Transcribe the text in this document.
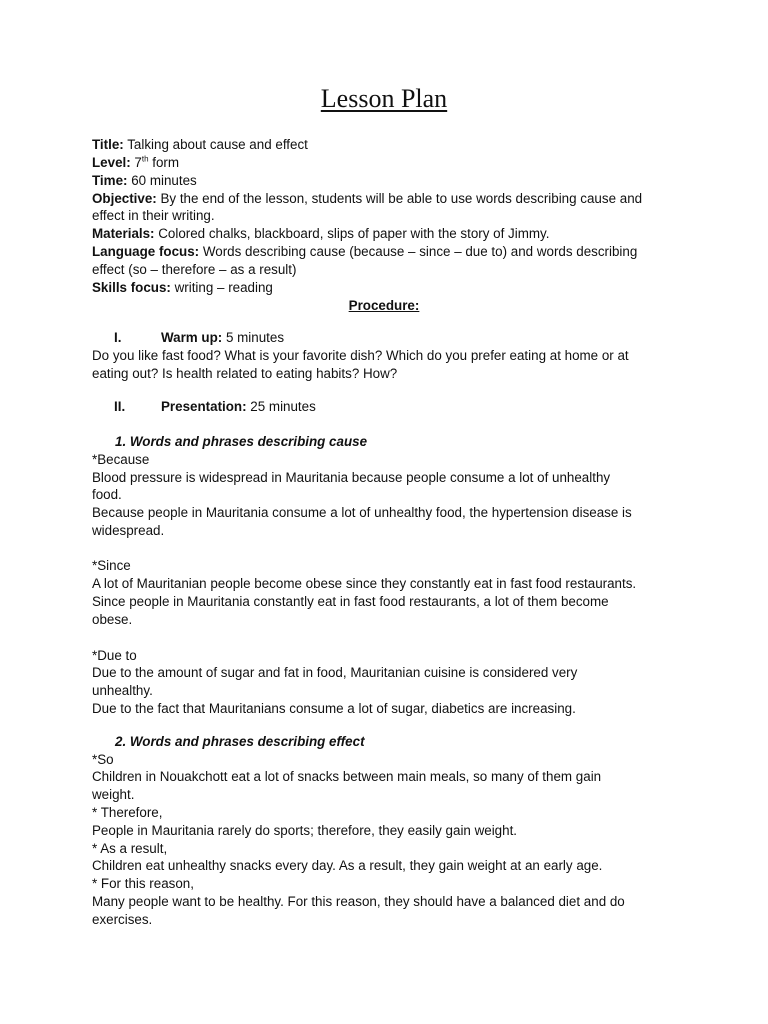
Lesson Plan

Title: Talking about cause and effect

Level: 7th form

Time: 60 minutes

Objective: By the end of the lesson, students will be able to use words describing cause and

effect in their writing.

Materials: Colored chalks, blackboard, slips of paper with the story of Jimmy.

Language focus: Words describing cause (because – since – due to) and words describing

effect (so – therefore – as a result)

Skills focus: writing – reading

Procedure:

I.	Warm up: 5 minutes

Do you like fast food? What is your favorite dish? Which do you prefer eating at home or at

eating out? Is health related to eating habits? How?

II.	Presentation: 25 minutes

1. Words and phrases describing cause

*Because

Blood pressure is widespread in Mauritania because people consume a lot of unhealthy

food.

Because people in Mauritania consume a lot of unhealthy food, the hypertension disease is

widespread.

*Since

A lot of Mauritanian people become obese since they constantly eat in fast food restaurants.

Since people in Mauritania constantly eat in fast food restaurants, a lot of them become

obese.

*Due to

Due to the amount of sugar and fat in food, Mauritanian cuisine is considered very

unhealthy.

Due to the fact that Mauritanians consume a lot of sugar, diabetics are increasing.

2. Words and phrases describing effect

*So

Children in Nouakchott eat a lot of snacks between main meals, so many of them gain

weight.

* Therefore,

People in Mauritania rarely do sports; therefore, they easily gain weight.

* As a result,

Children eat unhealthy snacks every day. As a result, they gain weight at an early age.

* For this reason,

Many people want to be healthy. For this reason, they should have a balanced diet and do

exercises.
